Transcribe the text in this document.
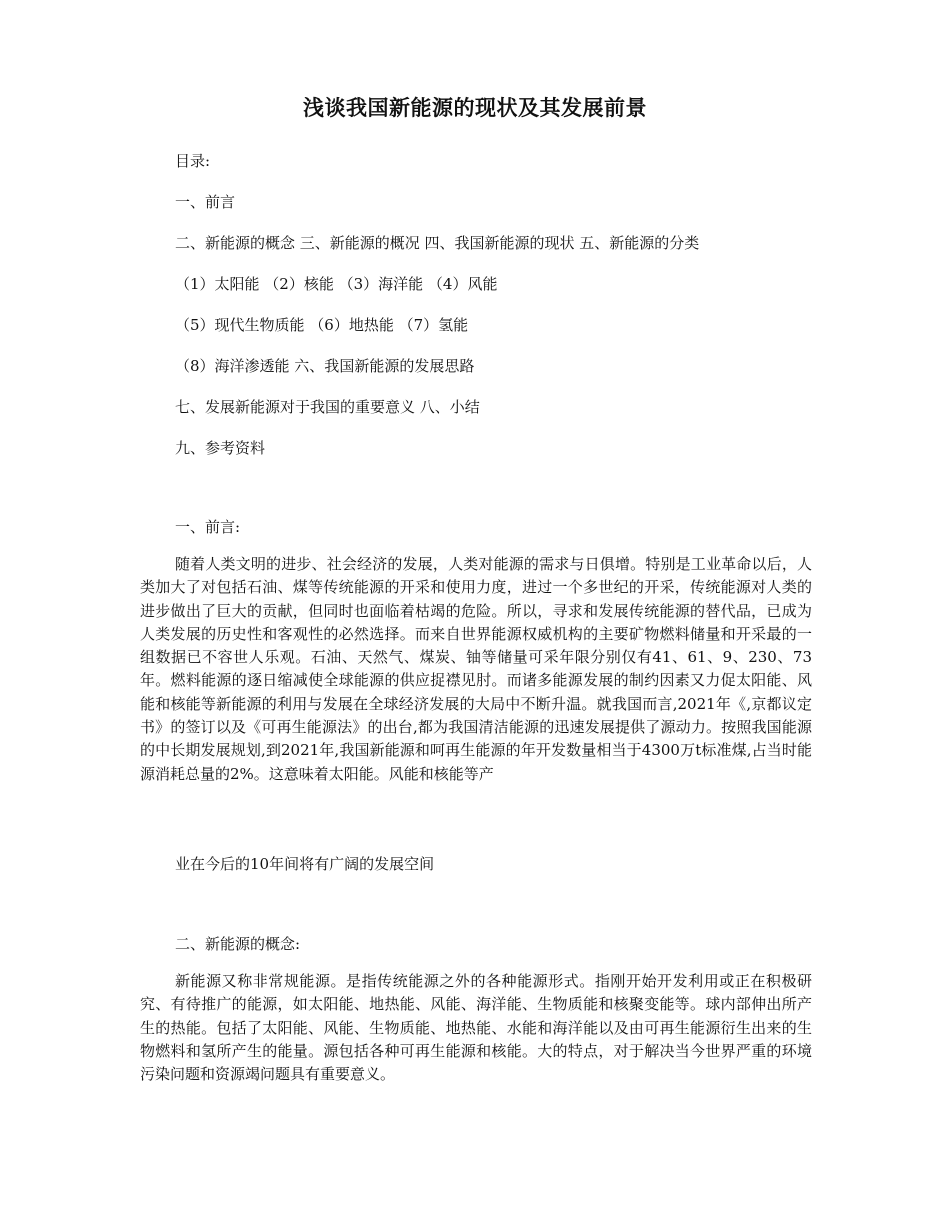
浅谈我国新能源的现状及其发展前景
目录:
一、前言
二、新能源的概念 三、新能源的概况 四、我国新能源的现状 五、新能源的分类
（1）太阳能 （2）核能 （3）海洋能 （4）风能
（5）现代生物质能 （6）地热能 （7）氢能
（8）海洋渗透能 六、我国新能源的发展思路
七、发展新能源对于我国的重要意义 八、小结
九、参考资料
一、前言:
随着人类文明的进步、社会经济的发展，人类对能源的需求与日俱增。特别是工业革命以后，人类加大了对包括石油、煤等传统能源的开采和使用力度，进过一个多世纪的开采，传统能源对人类的进步做出了巨大的贡献，但同时也面临着枯竭的危险。所以，寻求和发展传统能源的替代品，已成为人类发展的历史性和客观性的必然选择。而来自世界能源权威机构的主要矿物燃料储量和开采最的一组数据已不容世人乐观。石油、天然气、煤炭、铀等储量可采年限分别仅有41、61、9、230、73年。燃料能源的逐日缩减使全球能源的供应捉襟见肘。而诸多能源发展的制约因素又力促太阳能、风能和核能等新能源的利用与发展在全球经济发展的大局中不断升温。就我国而言,2021年《,京都议定书》的签订以及《可再生能源法》的出台,都为我国清洁能源的迅速发展提供了源动力。按照我国能源的中长期发展规划,到2021年,我国新能源和呵再生能源的年开发数量相当于4300万t标准煤,占当时能源消耗总量的2%。这意味着太阳能。风能和核能等产
业在今后的10年间将有广阔的发展空间
二、新能源的概念:
新能源又称非常规能源。是指传统能源之外的各种能源形式。指刚开始开发利用或正在积极研究、有待推广的能源，如太阳能、地热能、风能、海洋能、生物质能和核聚变能等。球内部伸出所产生的热能。包括了太阳能、风能、生物质能、地热能、水能和海洋能以及由可再生能源衍生出来的生物燃料和氢所产生的能量。源包括各种可再生能源和核能。大的特点，对于解决当今世界严重的环境污染问题和资源竭问题具有重要意义。
